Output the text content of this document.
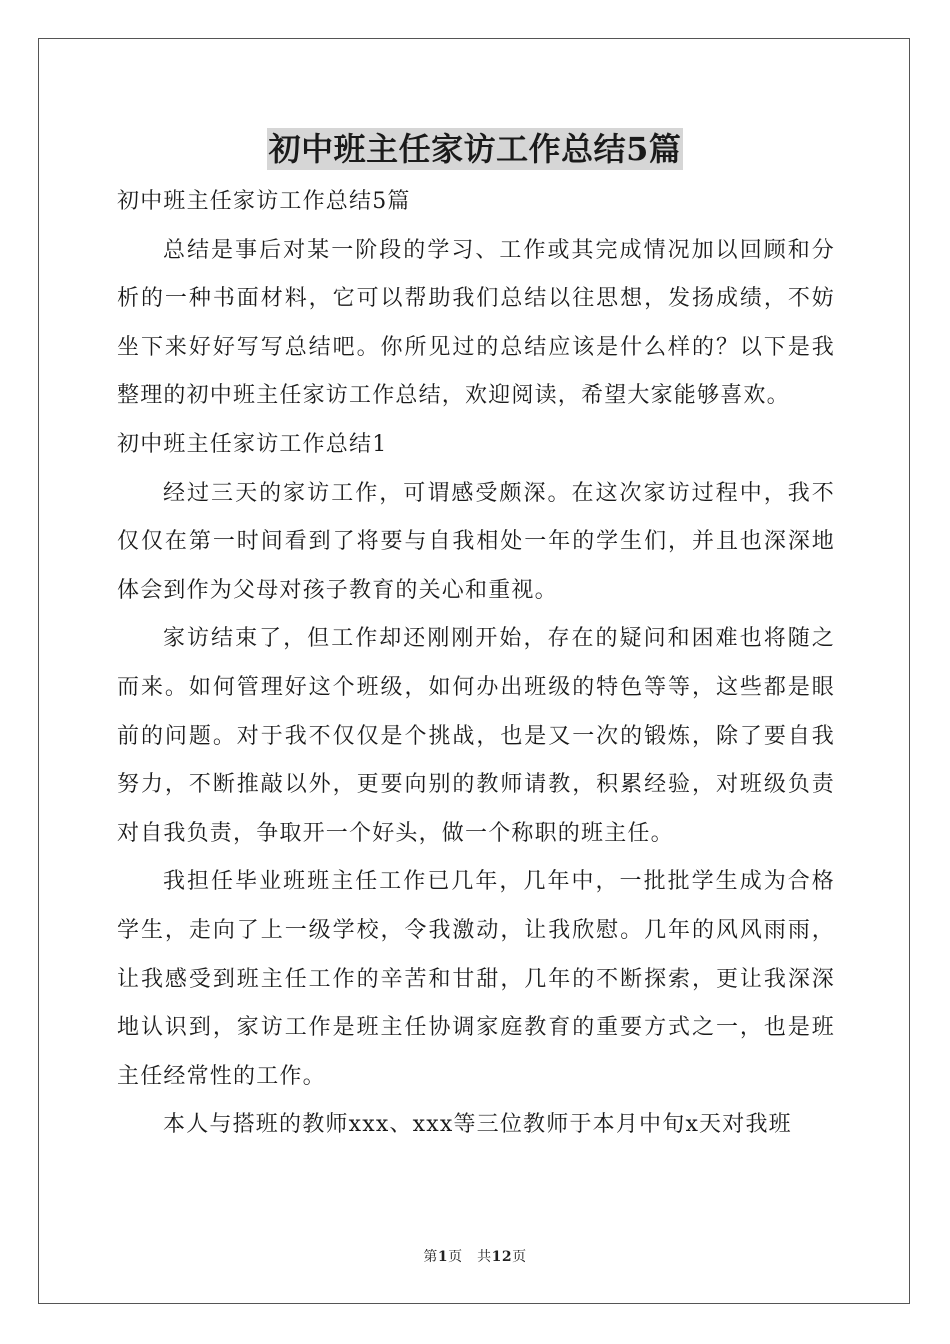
初中班主任家访工作总结5篇

初中班主任家访工作总结5篇

总结是事后对某一阶段的学习、工作或其完成情况加以回顾和分析的一种书面材料，它可以帮助我们总结以往思想，发扬成绩，不妨坐下来好好写写总结吧。你所见过的总结应该是什么样的？以下是我整理的初中班主任家访工作总结，欢迎阅读，希望大家能够喜欢。

初中班主任家访工作总结1

经过三天的家访工作，可谓感受颇深。在这次家访过程中，我不仅仅在第一时间看到了将要与自我相处一年的学生们，并且也深深地体会到作为父母对孩子教育的关心和重视。

家访结束了，但工作却还刚刚开始，存在的疑问和困难也将随之而来。如何管理好这个班级，如何办出班级的特色等等，这些都是眼前的问题。对于我不仅仅是个挑战，也是又一次的锻炼，除了要自我努力，不断推敲以外，更要向别的教师请教，积累经验，对班级负责对自我负责，争取开一个好头，做一个称职的班主任。

我担任毕业班班主任工作已几年，几年中，一批批学生成为合格学生，走向了上一级学校，令我激动，让我欣慰。几年的风风雨雨，让我感受到班主任工作的辛苦和甘甜，几年的不断探索，更让我深深地认识到，家访工作是班主任协调家庭教育的重要方式之一，也是班主任经常性的工作。

本人与搭班的教师xxx、xxx等三位教师于本月中旬x天对我班

第1页　共12页
